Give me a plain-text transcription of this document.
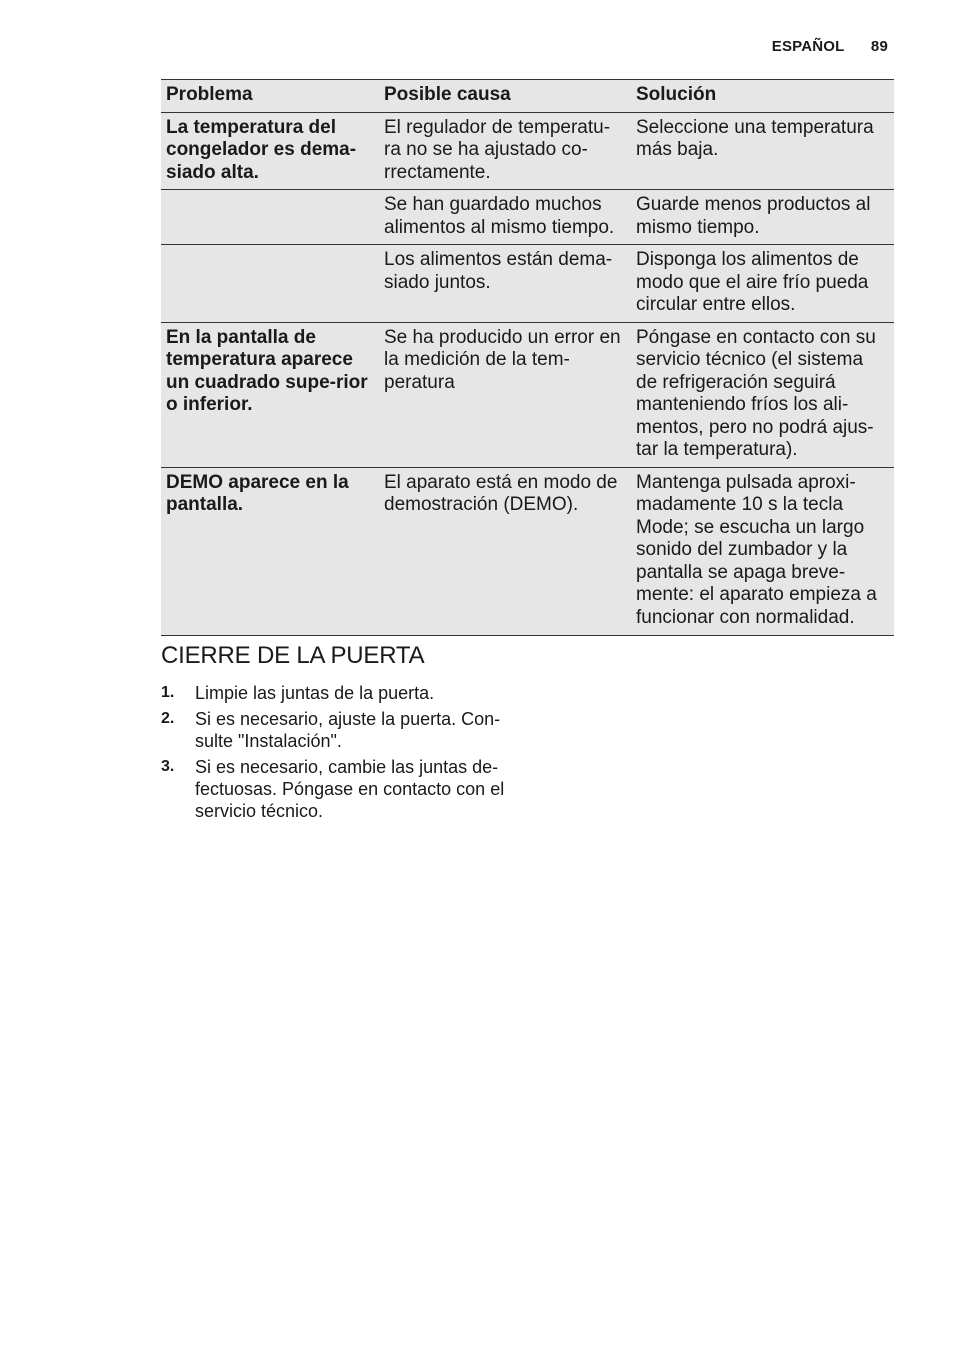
ESPAÑOL 89
Problema	Posible causa	Solución
La temperatura del congelador es dema-siado alta.	El regulador de temperatu-ra no se ha ajustado co-rrectamente.	Seleccione una temperatura más baja.
	Se han guardado muchos alimentos al mismo tiempo.	Guarde menos productos al mismo tiempo.
	Los alimentos están dema-siado juntos.	Disponga los alimentos de modo que el aire frío pueda circular entre ellos.
En la pantalla de temperatura aparece un cuadrado supe-rior o inferior.	Se ha producido un error en la medición de la tem-peratura	Póngase en contacto con su servicio técnico (el sistema de refrigeración seguirá manteniendo fríos los ali-mentos, pero no podrá ajus-tar la temperatura).
DEMO aparece en la pantalla.	El aparato está en modo de demostración (DEMO).	Mantenga pulsada aproxi-madamente 10 s la tecla Mode; se escucha un largo sonido del zumbador y la pantalla se apaga breve-mente: el aparato empieza a funcionar con normalidad.
CIERRE DE LA PUERTA
1.	Limpie las juntas de la puerta.
2.	Si es necesario, ajuste la puerta. Con-sulte "Instalación".
3.	Si es necesario, cambie las juntas de-fectuosas. Póngase en contacto con el servicio técnico.
